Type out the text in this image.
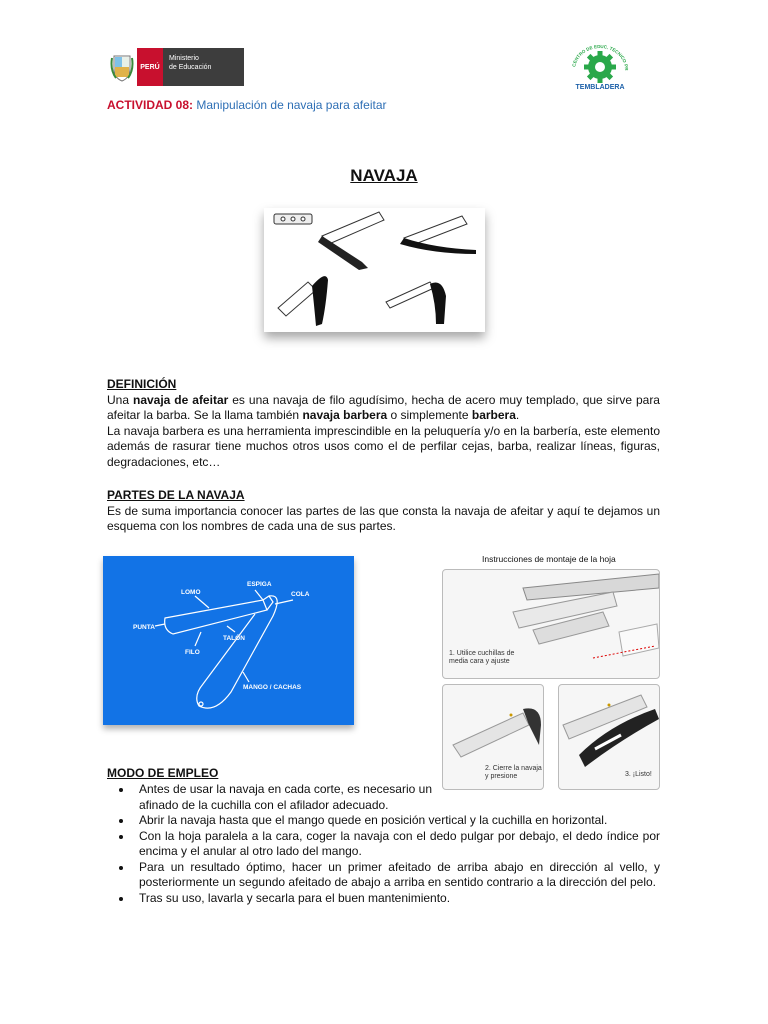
PERÚ
Ministerio
de Educación	CENTRO DE EDUC. TÉCNICO PR
TEMBLADERA
ACTIVIDAD 08: Manipulación de navaja para afeitar
NAVAJA
DEFINICIÓN

Una navaja de afeitar es una navaja de filo agudísimo, hecha de acero muy templado, que sirve para afeitar la barba. Se la llama también navaja barbera o simplemente barbera.

La navaja barbera es una herramienta imprescindible en la peluquería y/o en la barbería, este elemento además de rasurar tiene muchos otros usos como el de perfilar cejas, barba, realizar líneas, figuras, degradaciones, etc…

PARTES DE LA NAVAJA

Es de suma importancia conocer las partes de las que consta la navaja de afeitar y aquí te dejamos un esquema con los nombres de cada una de sus partes.

LOMO
ESPIGA
COLA
PUNTA
TALÓN
FILO
MANGO / CACHAS
Instrucciones de montaje de la hoja
1. Utilice cuchillas de
media cara y ajuste
2. Cierre la navaja
y presione	3. ¡Listo!
MODO DE EMPLEO
• Antes de usar la navaja en cada corte, es necesario un afinado de la cuchilla con el afilador adecuado.
• Abrir la navaja hasta que el mango quede en posición vertical y la cuchilla en horizontal.
• Con la hoja paralela a la cara, coger la navaja con el dedo pulgar por debajo, el dedo índice por encima y el anular al otro lado del mango.
• Para un resultado óptimo, hacer un primer afeitado de arriba abajo en dirección al vello, y posteriormente un segundo afeitado de abajo a arriba en sentido contrario a la dirección del pelo.
• Tras su uso, lavarla y secarla para el buen mantenimiento.
